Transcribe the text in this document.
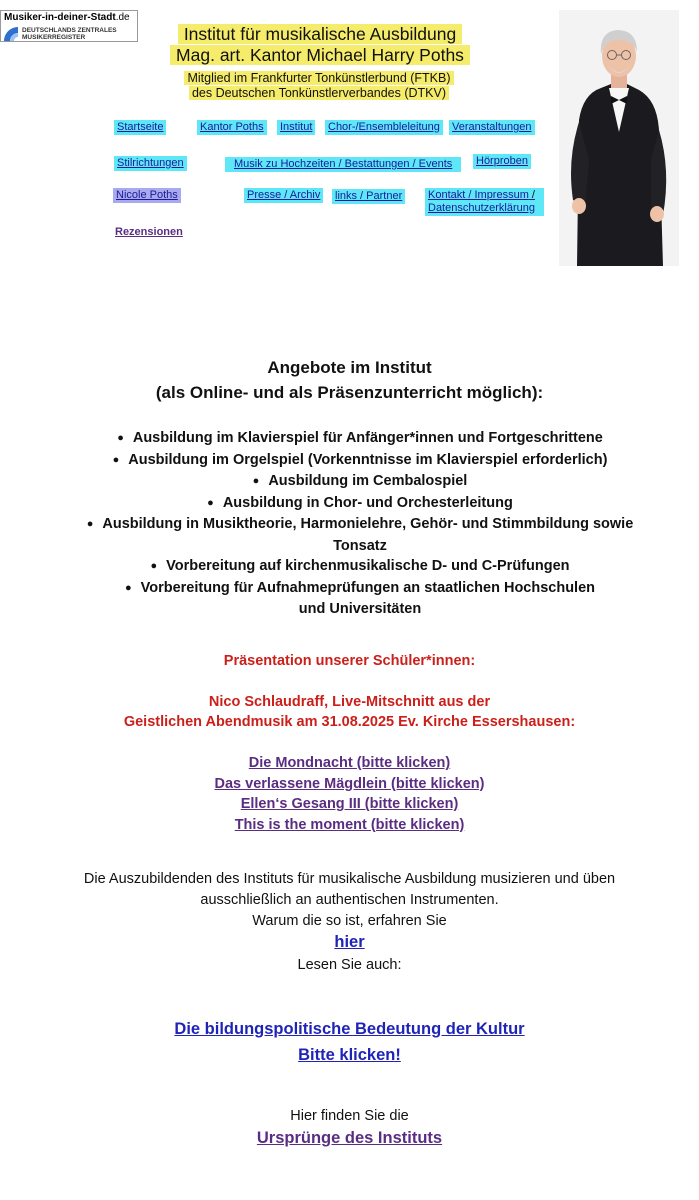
Musiker-in-deiner-Stadt.de
DEUTSCHLANDS ZENTRALES
MUSIKERREGISTER	Institut für musikalische Ausbildung
Mag. art. Kantor Michael Harry Poths
Mitglied im Frankfurter Tonkünstlerbund (FTKB)
des Deutschen Tonkünstlerverbandes (DTKV)
Startseite	Kantor Poths Institut Chor-/Ensembleleitung Veranstaltungen
Stilrichtungen	Musik zu Hochzeiten / Bestattungen / Events	Hörproben
Nicole Poths	Presse / Archiv links / Partner Kontakt / Impressum /
Datenschutzerklärung
Rezensionen
Angebote im Institut
(als Online- und als Präsenzunterricht möglich):
● Ausbildung im Klavierspiel für Anfänger*innen und Fortgeschrittene
● Ausbildung im Orgelspiel (Vorkenntnisse im Klavierspiel erforderlich)
● Ausbildung im Cembalospiel
● Ausbildung in Chor- und Orchesterleitung
● Ausbildung in Musiktheorie, Harmonielehre, Gehör- und Stimmbildung sowie Tonsatz
● Vorbereitung auf kirchenmusikalische D- und C-Prüfungen
● Vorbereitung für Aufnahmeprüfungen an staatlichen Hochschulen und Universitäten
Präsentation unserer Schüler*innen:
Nico Schlaudraff, Live-Mitschnitt aus der
Geistlichen Abendmusik am 31.08.2025 Ev. Kirche Essershausen:
Die Mondnacht (bitte klicken)
Das verlassene Mägdlein (bitte klicken)
Ellen‘s Gesang III (bitte klicken)
This is the moment (bitte klicken)
Die Auszubildenden des Instituts für musikalische Ausbildung musizieren und üben
ausschließlich an authentischen Instrumenten.
Warum die so ist, erfahren Sie
hier
Lesen Sie auch:
Die bildungspolitische Bedeutung der Kultur
Bitte klicken!
Hier finden Sie die
Ursprünge des Instituts
